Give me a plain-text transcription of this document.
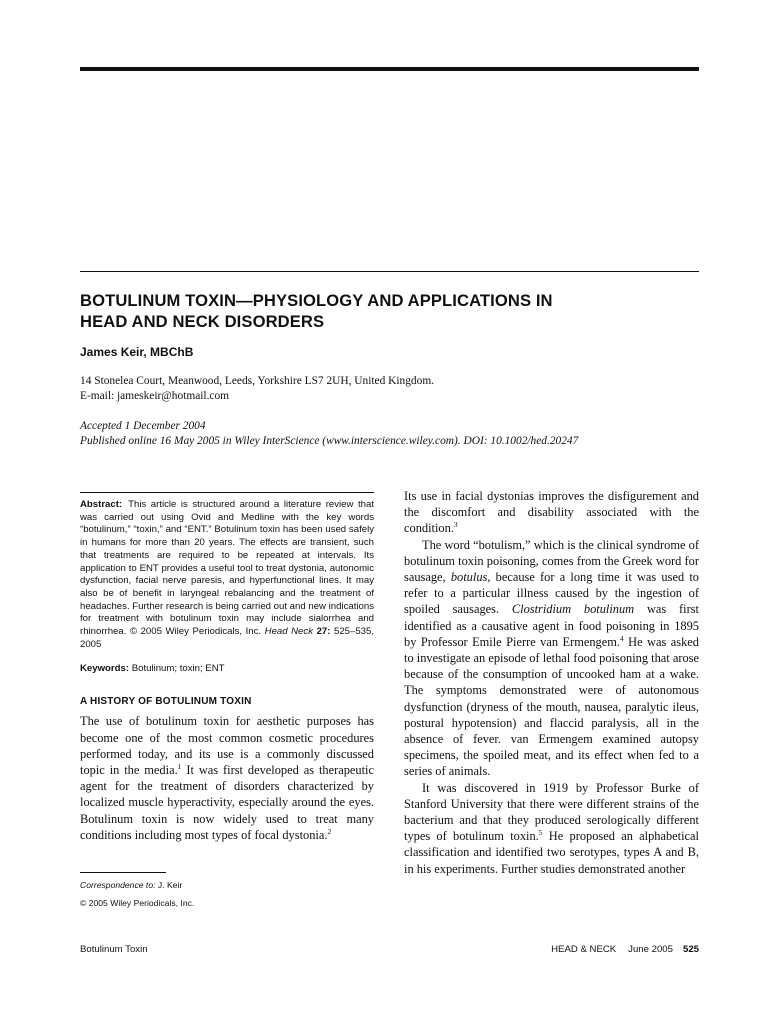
BOTULINUM TOXIN—PHYSIOLOGY AND APPLICATIONS IN
HEAD AND NECK DISORDERS

James Keir, MBChB

14 Stonelea Court, Meanwood, Leeds, Yorkshire LS7 2UH, United Kingdom.
E-mail: jameskeir@hotmail.com

Accepted 1 December 2004
Published online 16 May 2005 in Wiley InterScience (www.interscience.wiley.com). DOI: 10.1002/hed.20247

Abstract: This article is structured around a literature review that was carried out using Ovid and Medline with the key words “botulinum,” “toxin,” and “ENT.” Botulinum toxin has been used safely in humans for more than 20 years. The effects are transient, such that treatments are required to be repeated at intervals. Its application to ENT provides a useful tool to treat dystonia, autonomic dysfunction, facial nerve paresis, and hyperfunctional lines. It may also be of benefit in laryngeal rebalancing and the treatment of headaches. Further research is being carried out and new indications for treatment with botulinum toxin may include sialorrhea and rhinorrhea. © 2005 Wiley Periodicals, Inc. Head Neck 27: 525–535, 2005

Keywords: Botulinum; toxin; ENT

A HISTORY OF BOTULINUM TOXIN

The use of botulinum toxin for aesthetic purposes has become one of the most common cosmetic procedures performed today, and its use is a commonly discussed topic in the media.$^1$ It was first developed as therapeutic agent for the treatment of disorders characterized by localized muscle hyperactivity, especially around the eyes. Botulinum toxin is now widely used to treat many conditions including most types of focal dystonia.$^2$

Correspondence to: J. Keir
© 2005 Wiley Periodicals, Inc.

Its use in facial dystonias improves the disfigurement and the discomfort and disability associated with the condition.$^3$

The word “botulism,” which is the clinical syndrome of botulinum toxin poisoning, comes from the Greek word for sausage, botulus, because for a long time it was used to refer to a particular illness caused by the ingestion of spoiled sausages. Clostridium botulinum was first identified as a causative agent in food poisoning in 1895 by Professor Emile Pierre van Ermengem.$^4$ He was asked to investigate an episode of lethal food poisoning that arose because of the consumption of uncooked ham at a wake. The symptoms demonstrated were of autonomous dysfunction (dryness of the mouth, nausea, paralytic ileus, postural hypotension) and flaccid paralysis, all in the absence of fever. van Ermengem examined autopsy specimens, the spoiled meat, and its effect when fed to a series of animals.

It was discovered in 1919 by Professor Burke of Stanford University that there were different strains of the bacterium and that they produced serologically different types of botulinum toxin.$^5$ He proposed an alphabetical classification and identified two serotypes, types A and B, in his experiments. Further studies demonstrated another

Botulinum Toxin	HEAD & NECK June 2005 525
